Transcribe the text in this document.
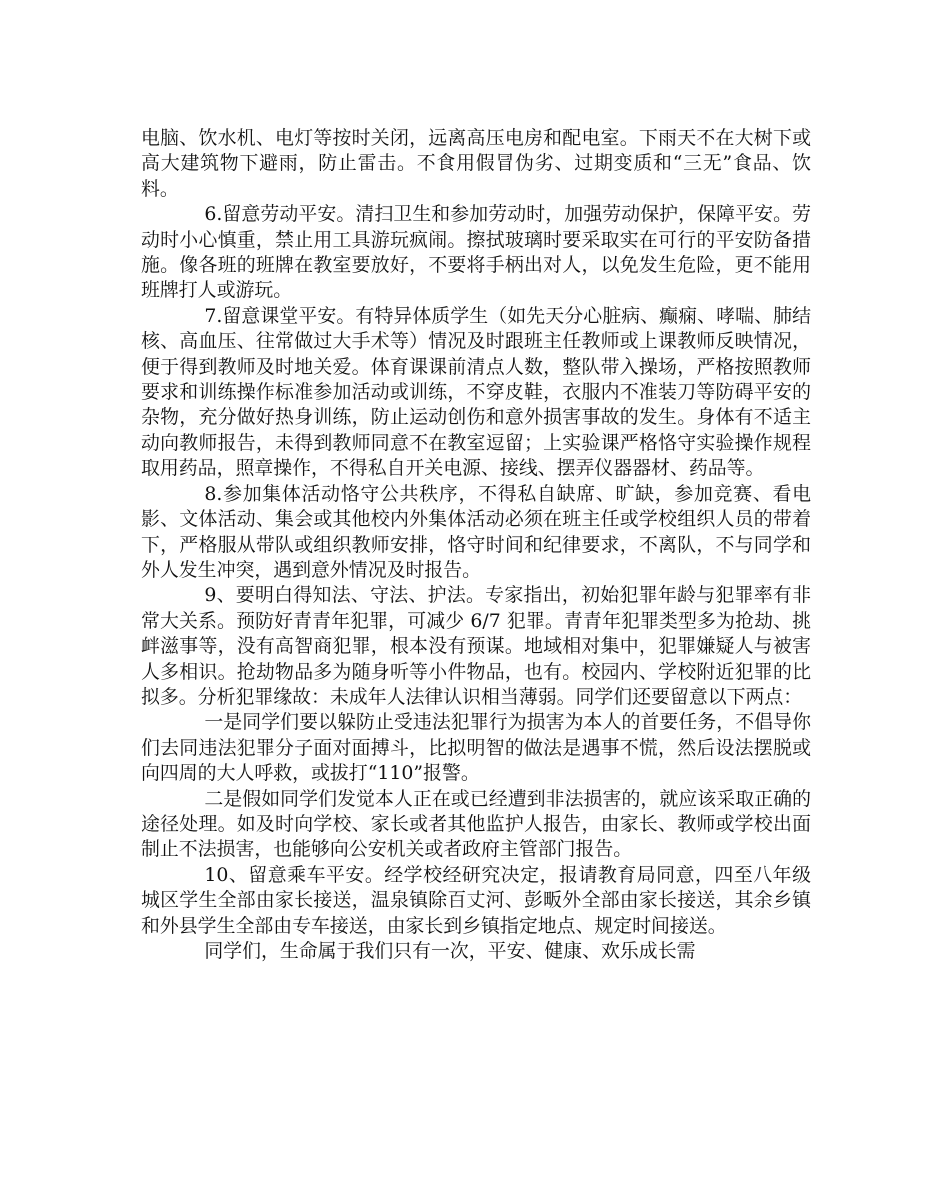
电脑、饮水机、电灯等按时关闭，远离高压电房和配电室。下雨天不在大树下或高大建筑物下避雨，防止雷击。不食用假冒伪劣、过期变质和“三无”食品、饮料。

6.留意劳动平安。清扫卫生和参加劳动时，加强劳动保护，保障平安。劳动时小心慎重，禁止用工具游玩疯闹。擦拭玻璃时要采取实在可行的平安防备措施。像各班的班牌在教室要放好，不要将手柄出对人，以免发生危险，更不能用班牌打人或游玩。

7.留意课堂平安。有特异体质学生（如先天分心脏病、癫痫、哮喘、肺结核、高血压、往常做过大手术等）情况及时跟班主任教师或上课教师反映情况，便于得到教师及时地关爱。体育课课前清点人数，整队带入操场，严格按照教师要求和训练操作标准参加活动或训练，不穿皮鞋，衣服内不准装刀等防碍平安的杂物，充分做好热身训练，防止运动创伤和意外损害事故的发生。身体有不适主动向教师报告，未得到教师同意不在教室逗留；上实验课严格恪守实验操作规程取用药品，照章操作，不得私自开关电源、接线、摆弄仪器器材、药品等。

8.参加集体活动恪守公共秩序，不得私自缺席、旷缺，参加竞赛、看电影、文体活动、集会或其他校内外集体活动必须在班主任或学校组织人员的带着下，严格服从带队或组织教师安排，恪守时间和纪律要求，不离队，不与同学和外人发生冲突，遇到意外情况及时报告。

9、要明白得知法、守法、护法。专家指出，初始犯罪年龄与犯罪率有非常大关系。预防好青青年犯罪，可减少 6/7 犯罪。青青年犯罪类型多为抢劫、挑衅滋事等，没有高智商犯罪，根本没有预谋。地域相对集中，犯罪嫌疑人与被害人多相识。抢劫物品多为随身听等小件物品，也有。校园内、学校附近犯罪的比拟多。分析犯罪缘故：未成年人法律认识相当薄弱。同学们还要留意以下两点：

一是同学们要以躲防止受违法犯罪行为损害为本人的首要任务，不倡导你们去同违法犯罪分子面对面搏斗，比拟明智的做法是遇事不慌，然后设法摆脱或向四周的大人呼救，或拔打“110”报警。

二是假如同学们发觉本人正在或已经遭到非法损害的，就应该采取正确的途径处理。如及时向学校、家长或者其他监护人报告，由家长、教师或学校出面制止不法损害，也能够向公安机关或者政府主管部门报告。

10、留意乘车平安。经学校经研究决定，报请教育局同意，四至八年级城区学生全部由家长接送，温泉镇除百丈河、彭畈外全部由家长接送，其余乡镇和外县学生全部由专车接送，由家长到乡镇指定地点、规定时间接送。

同学们，生命属于我们只有一次，平安、健康、欢乐成长需
